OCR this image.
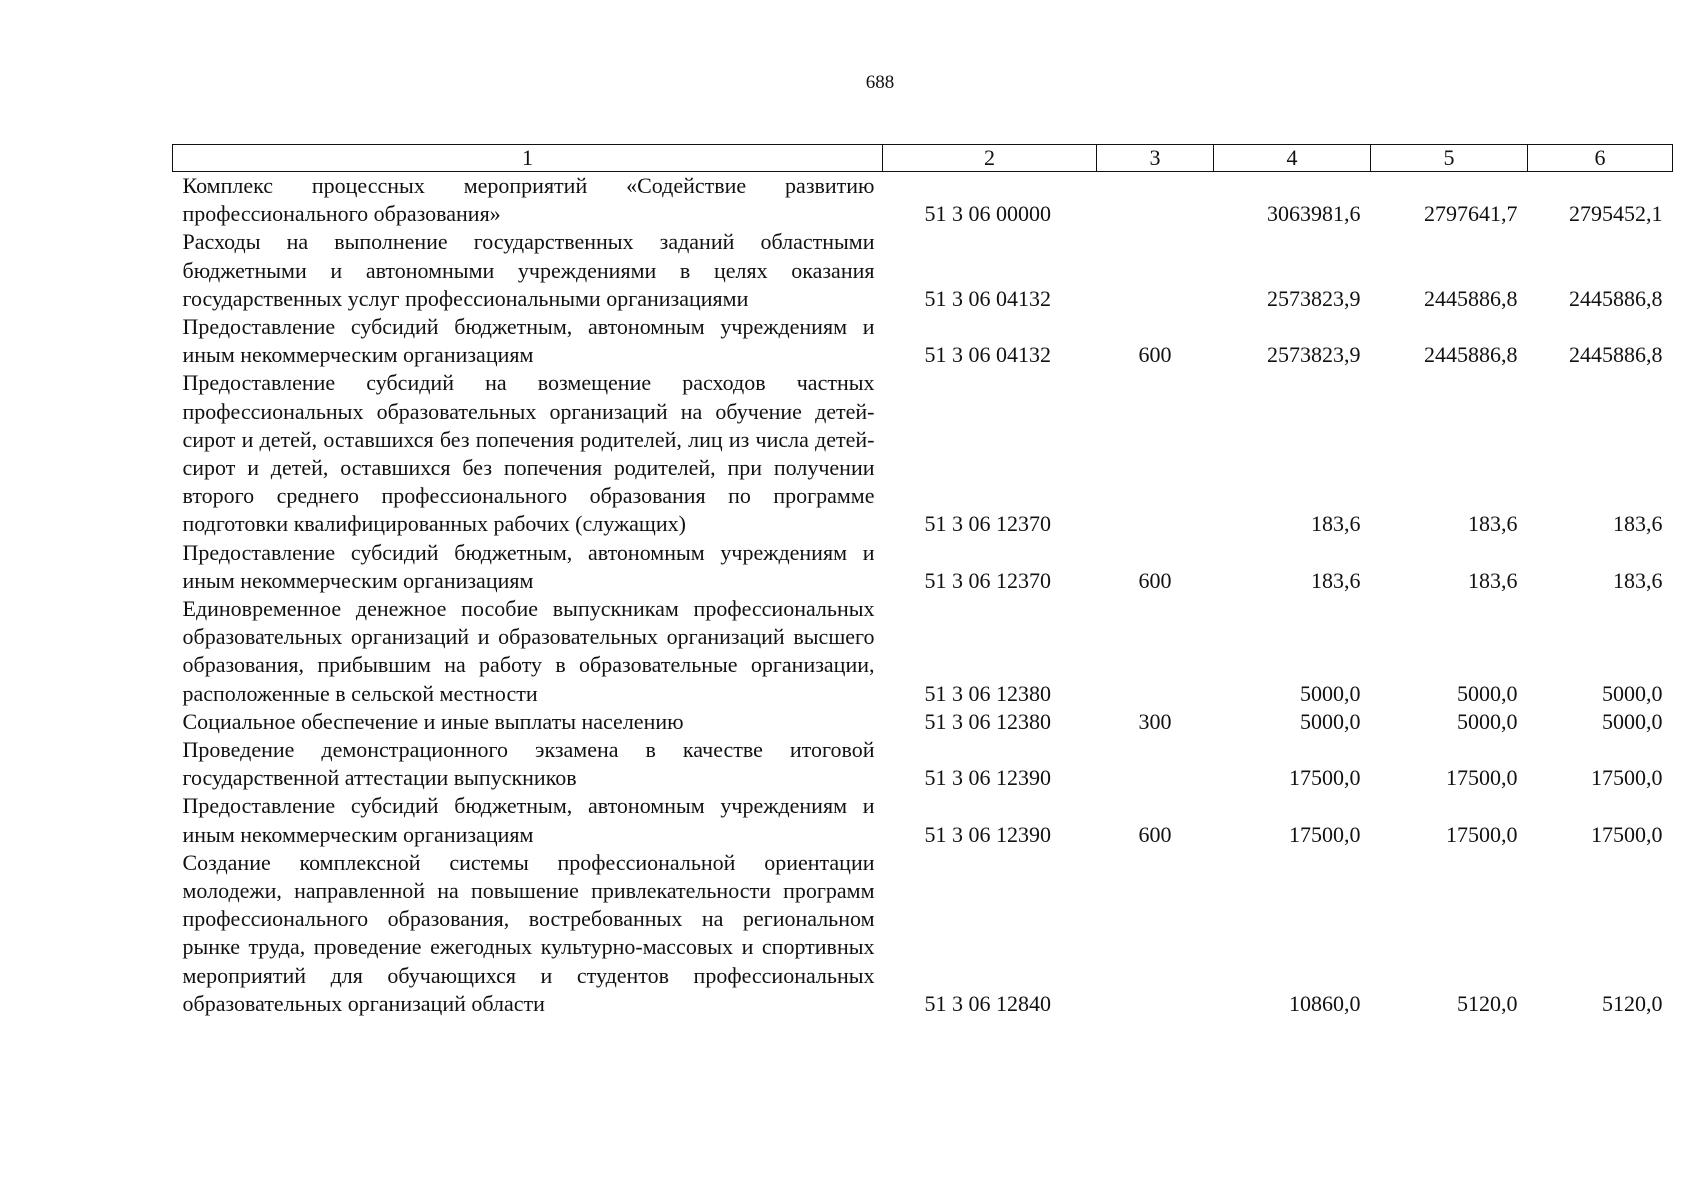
688
1	2	3	4	5	6
Комплекс процессных мероприятий «Содействие развитию профессионального образования»	51 3 06 00000		3063981,6	2797641,7	2795452,1
Расходы на выполнение государственных заданий областными бюджетными и автономными учреждениями в целях оказания государственных услуг профессиональными организациями	51 3 06 04132		2573823,9	2445886,8	2445886,8
Предоставление субсидий бюджетным, автономным учреждениям и иным некоммерческим организациям	51 3 06 04132	600	2573823,9	2445886,8	2445886,8
Предоставление субсидий на возмещение расходов частных профессиональных образовательных организаций на обучение детей-сирот и детей, оставшихся без попечения родителей, лиц из числа детей-сирот и детей, оставшихся без попечения родителей, при получении второго среднего профессионального образования по программе подготовки квалифицированных рабочих (служащих)	51 3 06 12370		183,6	183,6	183,6
Предоставление субсидий бюджетным, автономным учреждениям и иным некоммерческим организациям	51 3 06 12370	600	183,6	183,6	183,6
Единовременное денежное пособие выпускникам профессиональных образовательных организаций и образовательных организаций высшего образования, прибывшим на работу в образовательные организации, расположенные в сельской местности	51 3 06 12380		5000,0	5000,0	5000,0
Социальное обеспечение и иные выплаты населению	51 3 06 12380	300	5000,0	5000,0	5000,0
Проведение демонстрационного экзамена в качестве итоговой государственной аттестации выпускников	51 3 06 12390		17500,0	17500,0	17500,0
Предоставление субсидий бюджетным, автономным учреждениям и иным некоммерческим организациям	51 3 06 12390	600	17500,0	17500,0	17500,0
Создание комплексной системы профессиональной ориентации молодежи, направленной на повышение привлекательности программ профессионального образования, востребованных на региональном рынке труда, проведение ежегодных культурно-массовых и спортивных мероприятий для обучающихся и студентов профессиональных образовательных организаций области	51 3 06 12840		10860,0	5120,0	5120,0
